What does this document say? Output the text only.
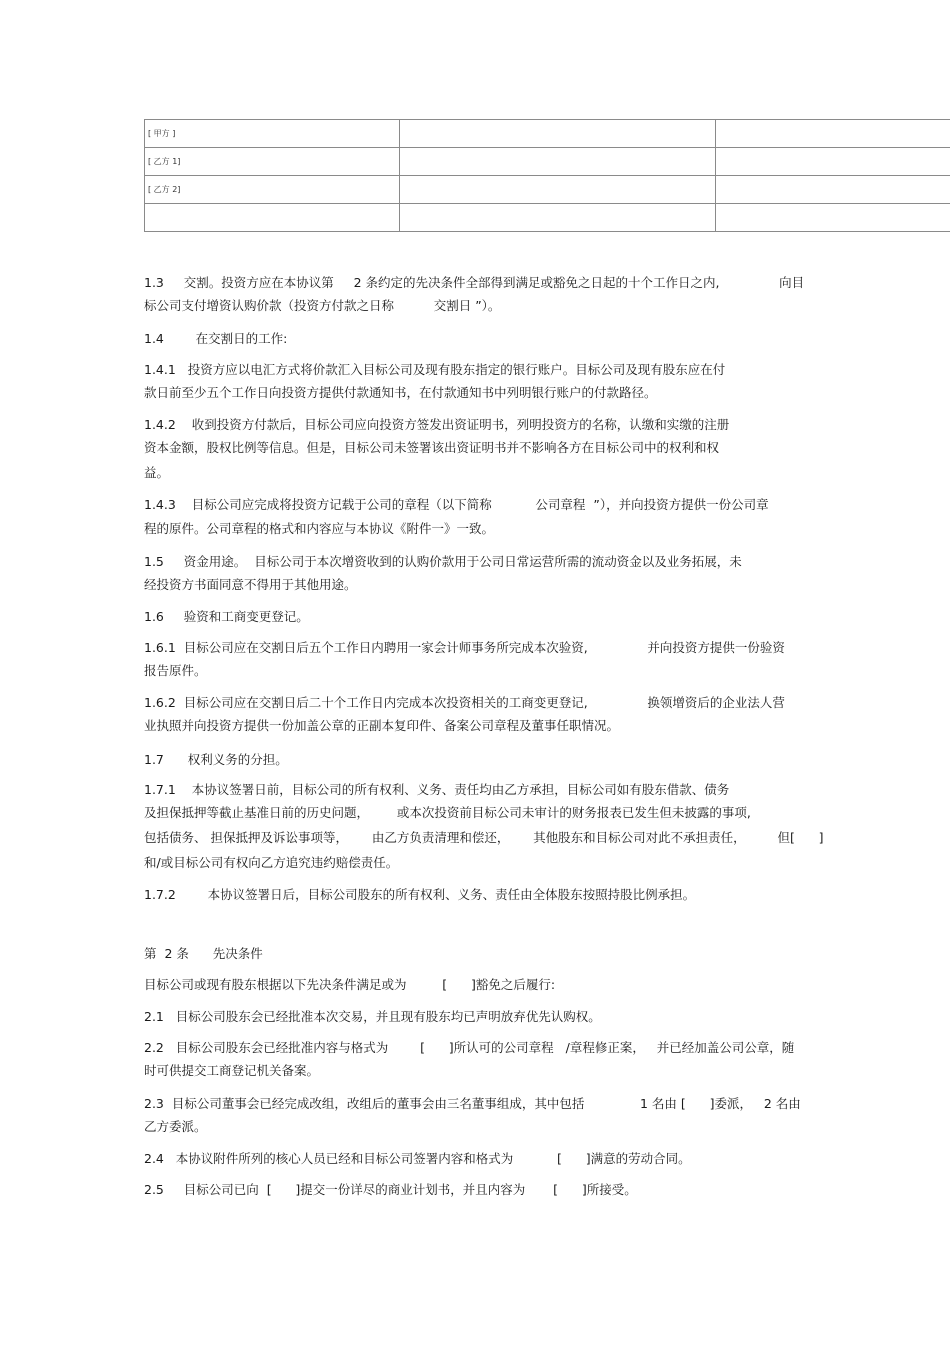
[ 甲方 ]		
[ 乙方 1]		
[ 乙方 2]		

1.3     交割。投资方应在本协议第     2 条约定的先决条件全部得到满足或豁免之日起的十个工作日之内,               向目
标公司支付增资认购价款（投资方付款之日称          交割日 ”）。
1.4        在交割日的工作:
1.4.1   投资方应以电汇方式将价款汇入目标公司及现有股东指定的银行账户。目标公司及现有股东应在付
款日前至少五个工作日向投资方提供付款通知书，在付款通知书中列明银行账户的付款路径。
1.4.2    收到投资方付款后，目标公司应向投资方签发出资证明书，列明投资方的名称，认缴和实缴的注册
资本金额，股权比例等信息。但是，目标公司未签署该出资证明书并不影响各方在目标公司中的权利和权
益。
1.4.3    目标公司应完成将投资方记载于公司的章程（以下简称           公司章程  ”），并向投资方提供一份公司章
程的原件。公司章程的格式和内容应与本协议《附件一》一致。
1.5     资金用途。  目标公司于本次增资收到的认购价款用于公司日常运营所需的流动资金以及业务拓展，未
经投资方书面同意不得用于其他用途。
1.6     验资和工商变更登记。
1.6.1  目标公司应在交割日后五个工作日内聘用一家会计师事务所完成本次验资,               并向投资方提供一份验资
报告原件。
1.6.2  目标公司应在交割日后二十个工作日内完成本次投资相关的工商变更登记,               换领增资后的企业法人营
业执照并向投资方提供一份加盖公章的正副本复印件、备案公司章程及董事任职情况。
1.7      权利义务的分担。
1.7.1    本协议签署日前，目标公司的所有权利、义务、责任均由乙方承担，目标公司如有股东借款、债务
及担保抵押等截止基准日前的历史问题，       或本次投资前目标公司未审计的财务报表已发生但未披露的事项,
包括债务、 担保抵押及诉讼事项等，      由乙方负责清理和偿还，      其他股东和目标公司对此不承担责任，        但[      ]
和/或目标公司有权向乙方追究违约赔偿责任。
1.7.2        本协议签署日后，目标公司股东的所有权利、义务、责任由全体股东按照持股比例承担。
第  2 条      先决条件
目标公司或现有股东根据以下先决条件满足或为         [      ]豁免之后履行:
2.1   目标公司股东会已经批准本次交易，并且现有股东均已声明放弃优先认购权。
2.2   目标公司股东会已经批准内容与格式为        [      ]所认可的公司章程   /章程修正案，   并已经加盖公司公章，随
时可供提交工商登记机关备案。
2.3  目标公司董事会已经完成改组，改组后的董事会由三名董事组成，其中包括              1 名由 [      ]委派，   2 名由
乙方委派。
2.4   本协议附件所列的核心人员已经和目标公司签署内容和格式为           [      ]满意的劳动合同。
2.5     目标公司已向  [      ]提交一份详尽的商业计划书，并且内容为       [      ]所接受。
